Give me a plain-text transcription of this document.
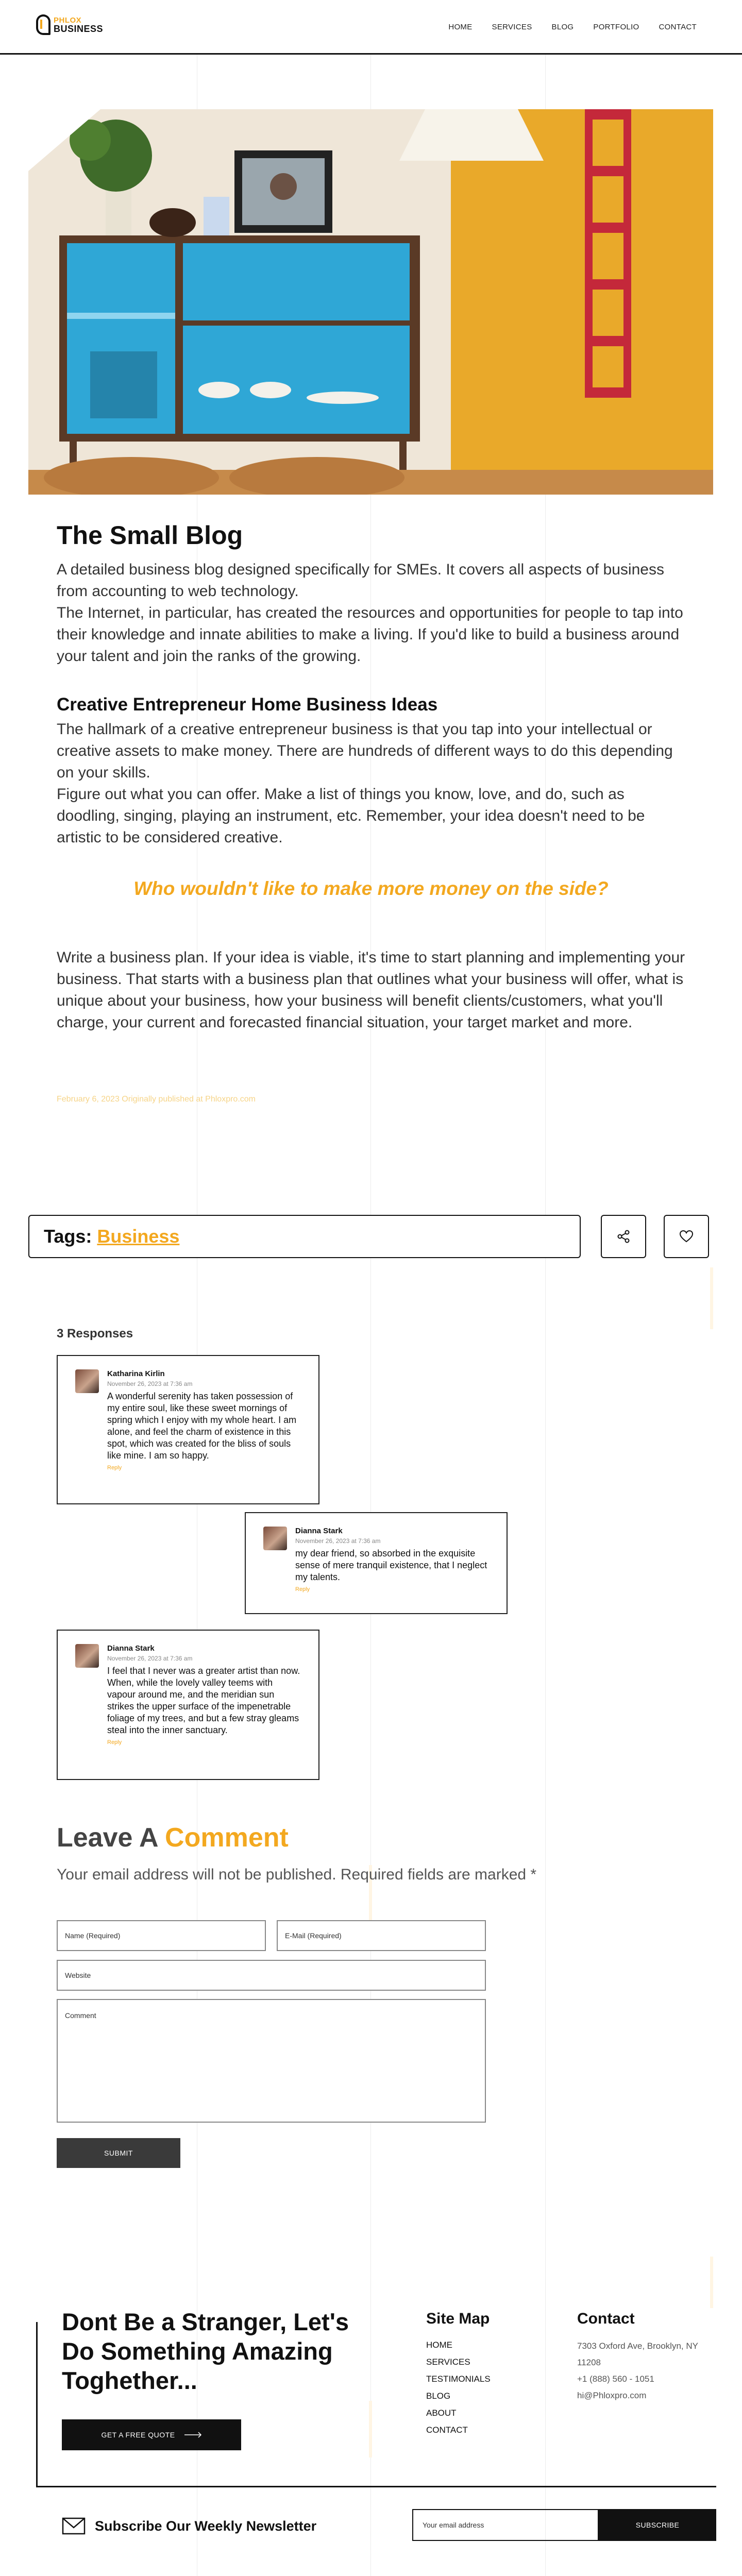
PHLOX
BUSINESS	HOME	SERVICES	BLOG	PORTFOLIO	CONTACT
The Small Blog

A detailed business blog designed specifically for SMEs. It covers all aspects of business from accounting to web technology.

The Internet, in particular, has created the resources and opportunities for people to tap into their knowledge and innate abilities to make a living. If you'd like to build a business around your talent and join the ranks of the growing.

Creative Entrepreneur Home Business Ideas

The hallmark of a creative entrepreneur business is that you tap into your intellectual or creative assets to make money. There are hundreds of different ways to do this depending on your skills.

Figure out what you can offer. Make a list of things you know, love, and do, such as doodling, singing, playing an instrument, etc. Remember, your idea doesn't need to be artistic to be considered creative.

Who wouldn't like to make more money on the side?

Write a business plan. If your idea is viable, it's time to start planning and implementing your business. That starts with a business plan that outlines what your business will offer, what is unique about your business, how your business will benefit clients/customers, what you'll charge, your current and forecasted financial situation, your target market and more.

February 6, 2023 Originally published at Phloxpro.com
Tags: Business
3 Responses
Katharina Kirlin
November 26, 2023 at 7:36 am
A wonderful serenity has taken possession of my entire soul, like these sweet mornings of spring which I enjoy with my whole heart. I am alone, and feel the charm of existence in this spot, which was created for the bliss of souls like mine. I am so happy.
Reply
Dianna Stark
November 26, 2023 at 7:36 am
my dear friend, so absorbed in the exquisite sense of mere tranquil existence, that I neglect my talents.
Reply
Dianna Stark
November 26, 2023 at 7:36 am
I feel that I never was a greater artist than now. When, while the lovely valley teems with vapour around me, and the meridian sun strikes the upper surface of the impenetrable foliage of my trees, and but a few stray gleams steal into the inner sanctuary.
Reply
Leave A Comment
Your email address will not be published. Required fields are marked *
Name (Required)	E-Mail (Required)
Website
Comment
SUBMIT
Dont Be a Stranger, Let's Do Something Amazing Toghether...
GET A FREE QUOTE
Site Map
HOME
SERVICES
TESTIMONIALS
BLOG
ABOUT
CONTACT
Contact
7303 Oxford Ave, Brooklyn, NY 11208
+1 (888) 560 - 1051
hi@Phloxpro.com
Subscribe Our Weekly Newsletter	Your email address	SUBSCRIBE
